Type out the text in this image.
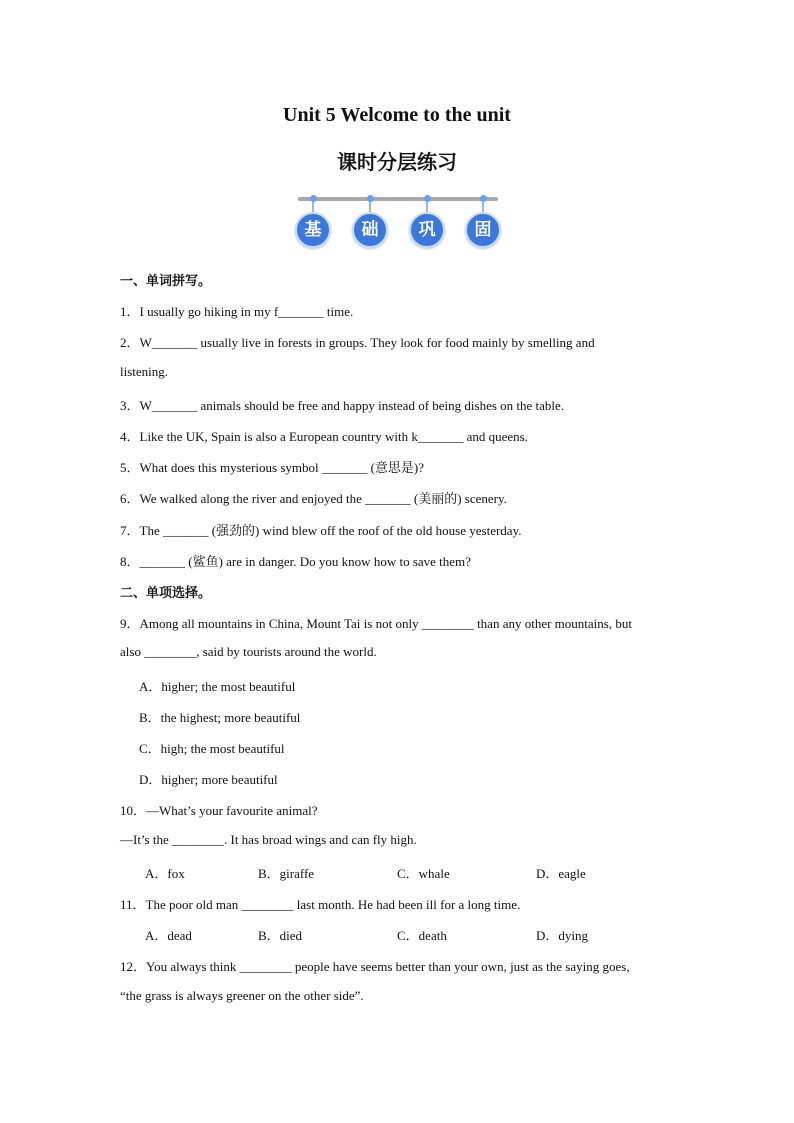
Unit 5 Welcome to the unit
课时分层练习
基	础	巩	固
一、单词拼写。
1．I usually go hiking in my f_______ time.
2．W_______ usually live in forests in groups. They look for food mainly by smelling and
listening.
3．W_______ animals should be free and happy instead of being dishes on the table.
4．Like the UK, Spain is also a European country with k_______ and queens.
5．What does this mysterious symbol _______ (意思是)?
6．We walked along the river and enjoyed the _______ (美丽的) scenery.
7．The _______ (强劲的) wind blew off the roof of the old house yesterday.
8．_______ (鲨鱼) are in danger. Do you know how to save them?
二、单项选择。
9．Among all mountains in China, Mount Tai is not only ________ than any other mountains, but
also ________, said by tourists around the world.
A．higher; the most beautiful
B．the highest; more beautiful
C．high; the most beautiful
D．higher; more beautiful
10．—What’s your favourite animal?
—It’s the ________. It has broad wings and can fly high.
A．fox	B．giraffe	C．whale	D．eagle
11．The poor old man ________ last month. He had been ill for a long time.
A．dead	B．died	C．death	D．dying
12．You always think ________ people have seems better than your own, just as the saying goes,
“the grass is always greener on the other side”.
